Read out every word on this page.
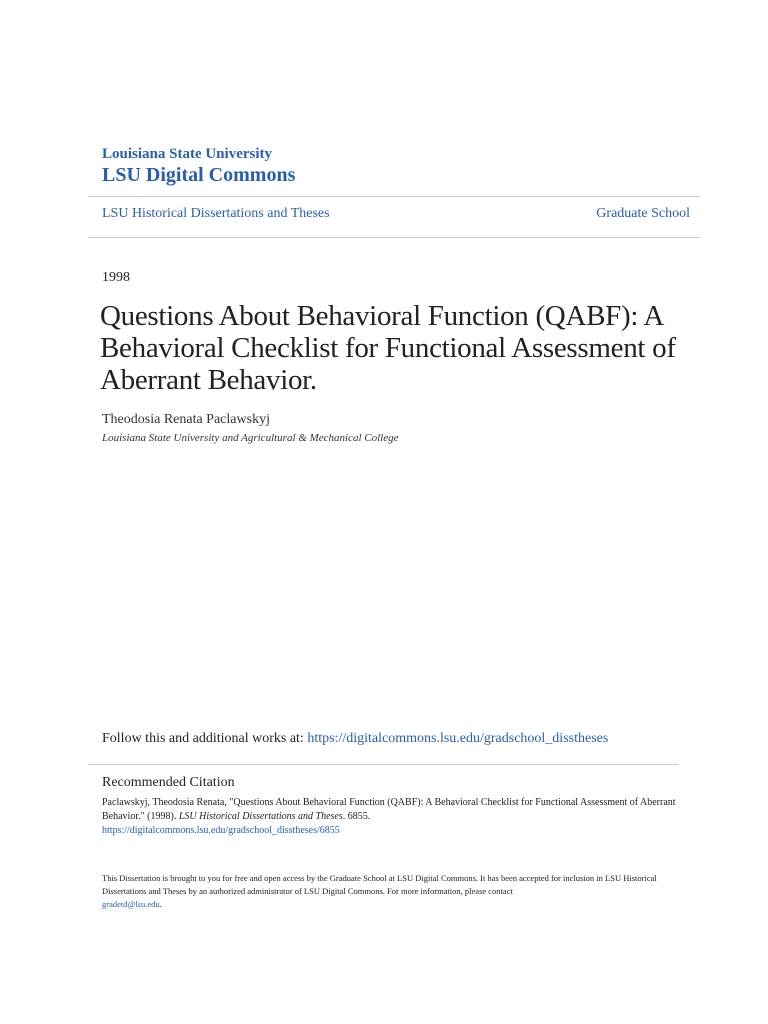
Louisiana State University
LSU Digital Commons
LSU Historical Dissertations and Theses	Graduate School
1998
Questions About Behavioral Function (QABF): A Behavioral Checklist for Functional Assessment of Aberrant Behavior.
Theodosia Renata Paclawskyj
Louisiana State University and Agricultural & Mechanical College
Follow this and additional works at: https://digitalcommons.lsu.edu/gradschool_disstheses
Recommended Citation
Paclawskyj, Theodosia Renata, "Questions About Behavioral Function (QABF): A Behavioral Checklist for Functional Assessment of Aberrant Behavior." (1998). LSU Historical Dissertations and Theses. 6855.
https://digitalcommons.lsu.edu/gradschool_disstheses/6855
This Dissertation is brought to you for free and open access by the Graduate School at LSU Digital Commons. It has been accepted for inclusion in LSU Historical Dissertations and Theses by an authorized administrator of LSU Digital Commons. For more information, please contact
gradetd@lsu.edu.
